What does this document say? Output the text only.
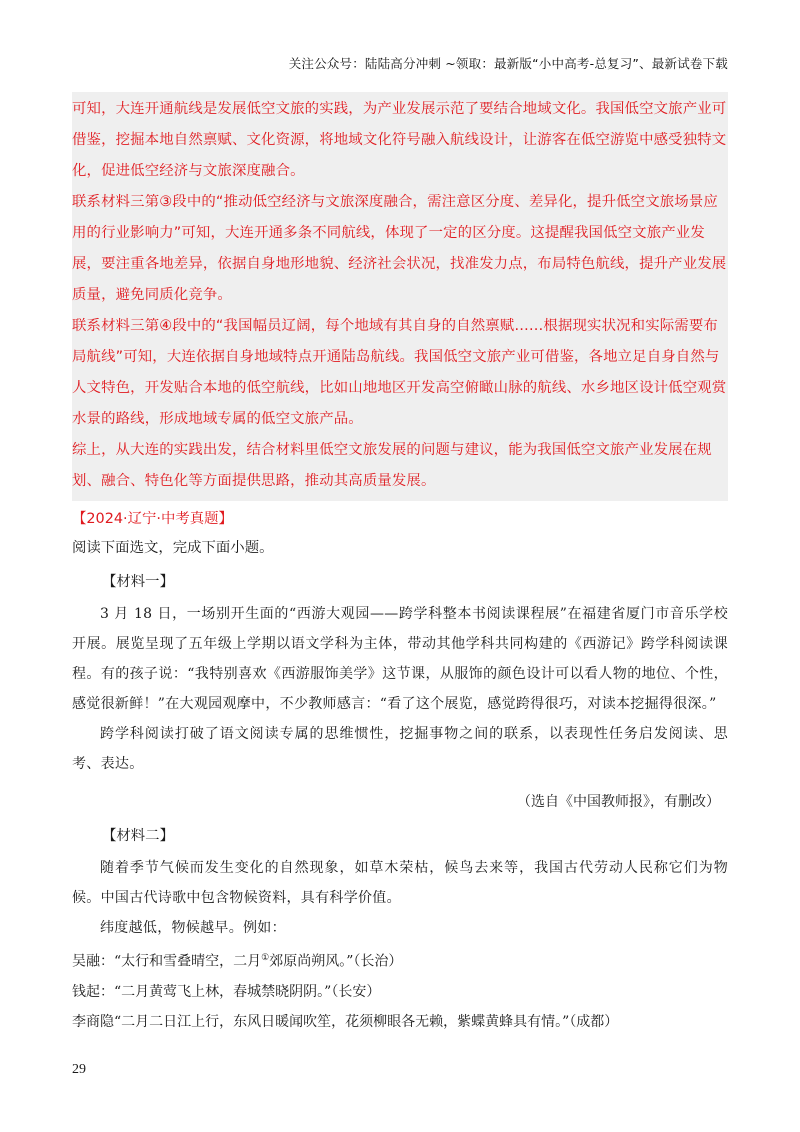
关注公众号：陆陆高分冲刺 ~领取：最新版“小中高考-总复习”、最新试卷下载

可知，大连开通航线是发展低空文旅的实践，为产业发展示范了要结合地域文化。我国低空文旅产业可借鉴，挖掘本地自然禀赋、文化资源，将地域文化符号融入航线设计，让游客在低空游览中感受独特文化，促进低空经济与文旅深度融合。

联系材料三第③段中的“推动低空经济与文旅深度融合，需注意区分度、差异化，提升低空文旅场景应用的行业影响力”可知，大连开通多条不同航线，体现了一定的区分度。这提醒我国低空文旅产业发展，要注重各地差异，依据自身地形地貌、经济社会状况，找准发力点，布局特色航线，提升产业发展质量，避免同质化竞争。

联系材料三第④段中的“我国幅员辽阔，每个地域有其自身的自然禀赋……根据现实状况和实际需要布局航线”可知，大连依据自身地域特点开通陆岛航线。我国低空文旅产业可借鉴，各地立足自身自然与人文特色，开发贴合本地的低空航线，比如山地地区开发高空俯瞰山脉的航线、水乡地区设计低空观赏水景的路线，形成地域专属的低空文旅产品。

综上，从大连的实践出发，结合材料里低空文旅发展的问题与建议，能为我国低空文旅产业发展在规划、融合、特色化等方面提供思路，推动其高质量发展。

【2024·辽宁·中考真题】

阅读下面选文，完成下面小题。

【材料一】

3 月 18 日，一场别开生面的“西游大观园——跨学科整本书阅读课程展”在福建省厦门市音乐学校开展。展览呈现了五年级上学期以语文学科为主体，带动其他学科共同构建的《西游记》跨学科阅读课程。有的孩子说：“我特别喜欢《西游服饰美学》这节课，从服饰的颜色设计可以看人物的地位、个性，感觉很新鲜！”在大观园观摩中，不少教师感言：“看了这个展览，感觉跨得很巧，对读本挖掘得很深。”

跨学科阅读打破了语文阅读专属的思维惯性，挖掘事物之间的联系，以表现性任务启发阅读、思考、表达。

（选自《中国教师报》，有删改）

【材料二】

随着季节气候而发生变化的自然现象，如草木荣枯，候鸟去来等，我国古代劳动人民称它们为物候。中国古代诗歌中包含物候资料，具有科学价值。

纬度越低，物候越早。例如：

吴融：“太行和雪叠晴空，二月①郊原尚朔风。”（长治）

钱起：“二月黄莺飞上林，春城禁晓阴阴。”（长安）

李商隐“二月二日江上行，东风日暖闻吹笙，花须柳眼各无赖，紫蝶黄蜂具有情。”（成都）

29
